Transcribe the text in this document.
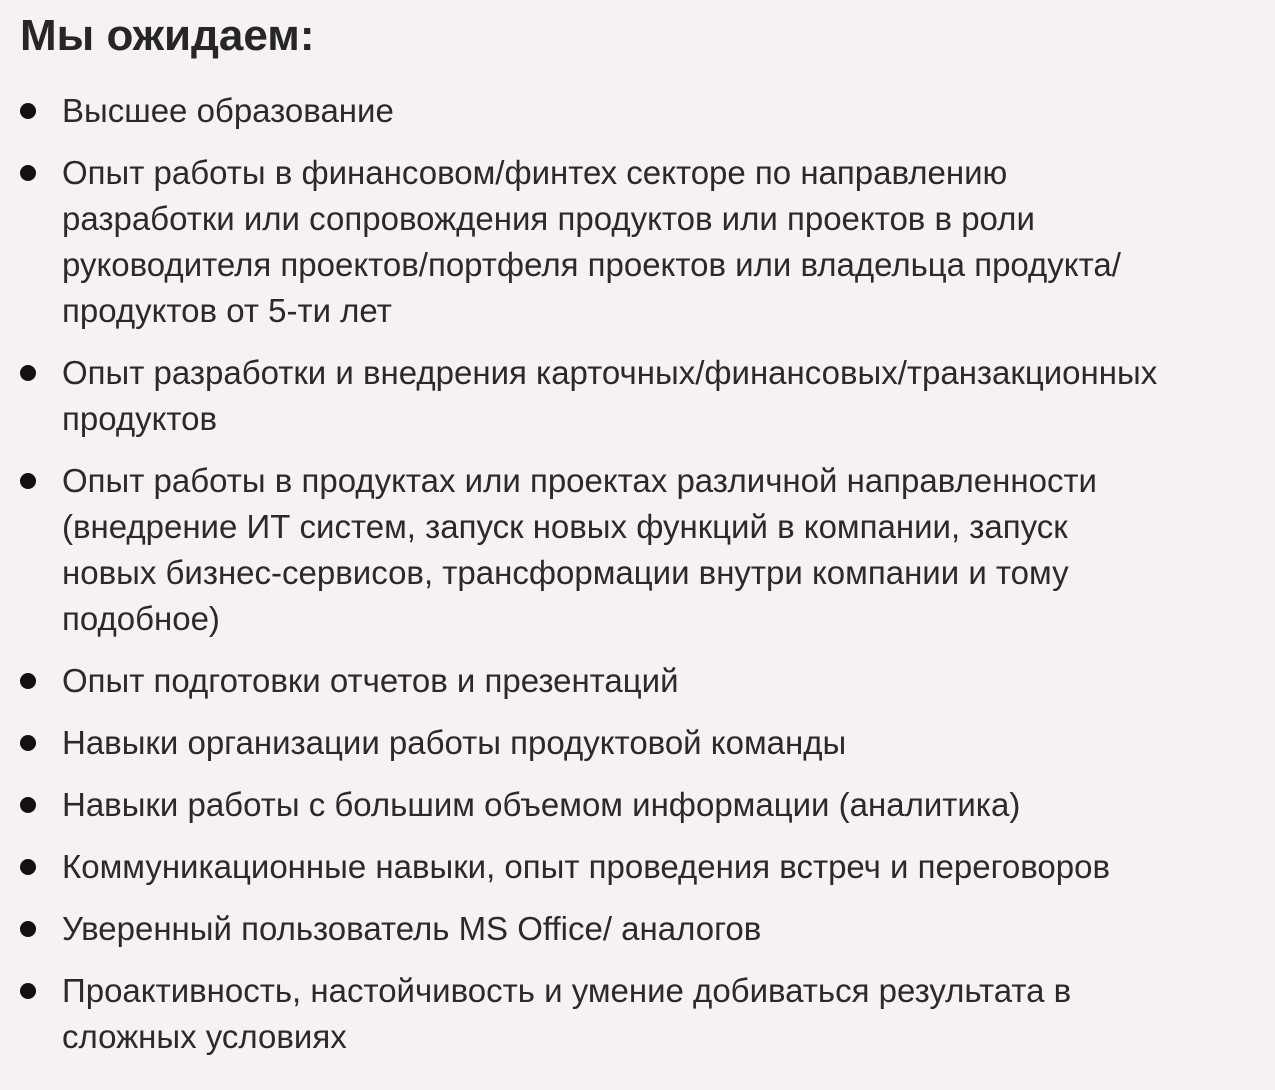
Мы ожидаем:
Высшее образование
Опыт работы в финансовом/финтех секторе по направлению
разработки или сопровождения продуктов или проектов в роли
руководителя проектов/портфеля проектов или владельца продукта/
продуктов от 5-ти лет
Опыт разработки и внедрения карточных/финансовых/транзакционных
продуктов
Опыт работы в продуктах или проектах различной направленности
(внедрение ИТ систем, запуск новых функций в компании, запуск
новых бизнес-сервисов, трансформации внутри компании и тому
подобное)
Опыт подготовки отчетов и презентаций
Навыки организации работы продуктовой команды
Навыки работы с большим объемом информации (аналитика)
Коммуникационные навыки, опыт проведения встреч и переговоров
Уверенный пользователь MS Office/ аналогов
Проактивность, настойчивость и умение добиваться результата в
сложных условиях
